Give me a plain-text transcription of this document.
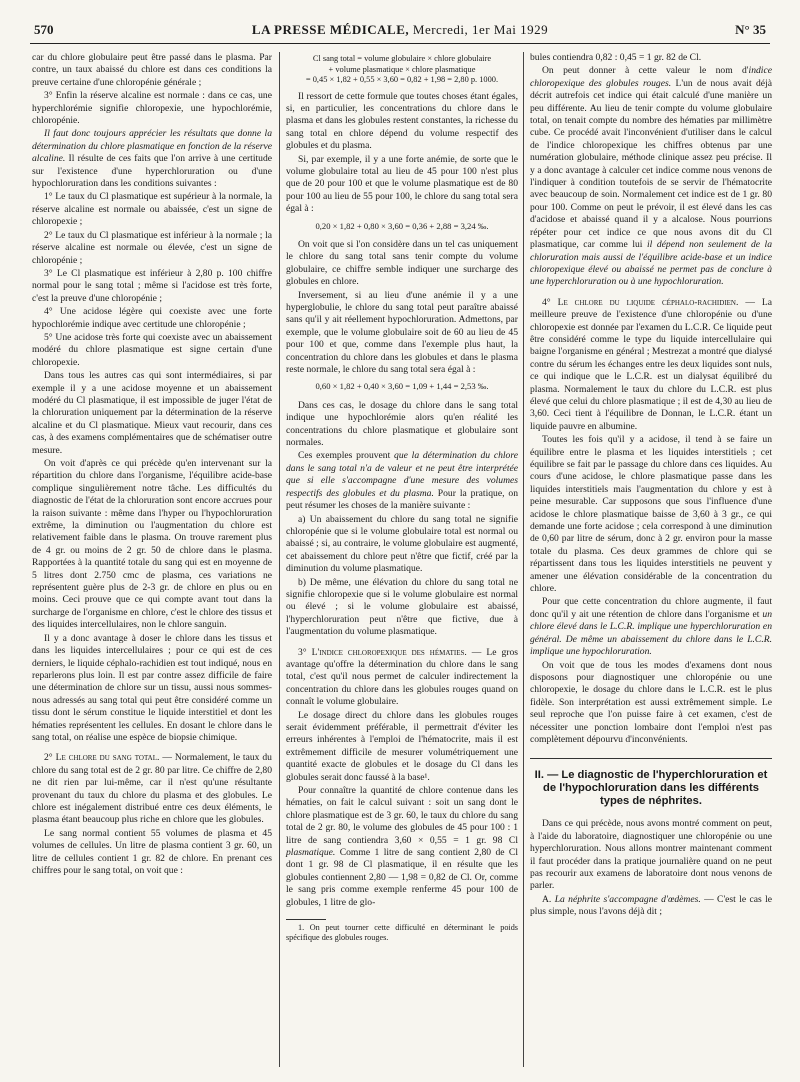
570	LA PRESSE MÉDICALE, Mercredi, 1er Mai 1929	N° 35

car du chlore globulaire peut être passé dans le plasma. Par contre, un taux abaissé du chlore est dans ces conditions la preuve certaine d'une chloropénie générale ;

3° Enfin la réserve alcaline est normale : dans ce cas, une hyperchlorémie signifie chloropexie, une hypochlorémie, chloropénie.

Il faut donc toujours apprécier les résultats que donne la détermination du chlore plasmatique en fonction de la réserve alcaline. Il résulte de ces faits que l'on arrive à une certitude sur l'existence d'une hyperchloruration ou d'une hypochloruration dans les conditions suivantes :

1° Le taux du Cl plasmatique est supérieur à la normale, la réserve alcaline est normale ou abaissée, c'est un signe de chloropexie ;

2° Le taux du Cl plasmatique est inférieur à la normale ; la réserve alcaline est normale ou élevée, c'est un signe de chloropénie ;

3° Le Cl plasmatique est inférieur à 2,80 p. 100 chiffre normal pour le sang total ; même si l'acidose est très forte, c'est la preuve d'une chloropénie ;

4° Une acidose légère qui coexiste avec une forte hypochlorémie indique avec certitude une chloropénie ;

5° Une acidose très forte qui coexiste avec un abaissement modéré du chlore plasmatique est signe certain d'une chloropexie.

Dans tous les autres cas qui sont intermédiaires, si par exemple il y a une acidose moyenne et un abaissement modéré du Cl plasmatique, il est impossible de juger l'état de la chloruration uniquement par la détermination de la réserve alcaline et du Cl plasmatique. Mieux vaut recourir, dans ces cas, à des examens complémentaires que de schématiser outre mesure.

On voit d'après ce qui précède qu'en intervenant sur la répartition du chlore dans l'organisme, l'équilibre acide-base complique singulièrement notre tâche. Les difficultés du diagnostic de l'état de la chloruration sont encore accrues pour la raison suivante : même dans l'hyper ou l'hypochloruration extrême, la diminution ou l'augmentation du chlore est relativement faible dans le plasma. On trouve rarement plus de 4 gr. ou moins de 2 gr. 50 de chlore dans le plasma. Rapportées à la quantité totale du sang qui est en moyenne de 5 litres dont 2.750 cmc de plasma, ces variations ne représentent guère plus de 2-3 gr. de chlore en plus ou en moins. Ceci prouve que ce qui compte avant tout dans la surcharge de l'organisme en chlore, c'est le chlore des tissus et des liquides intercellulaires, non le chlore sanguin.

Il y a donc avantage à doser le chlore dans les tissus et dans les liquides intercellulaires ; pour ce qui est de ces derniers, le liquide céphalo-rachidien est tout indiqué, nous en reparlerons plus loin. Il est par contre assez difficile de faire une détermination de chlore sur un tissu, aussi nous sommes-nous adressés au sang total qui peut être considéré comme un tissu dont le sérum constitue le liquide interstitiel et dont les hématies représentent les cellules. En dosant le chlore dans le sang total, on réalise une espèce de biopsie chimique.

2° Le chlore du sang total. — Normalement, le taux du chlore du sang total est de 2 gr. 80 par litre. Ce chiffre de 2,80 ne dit rien par lui-même, car il n'est qu'une résultante provenant du taux du chlore du plasma et des globules. Le chlore est inégalement distribué entre ces deux éléments, le plasma étant beaucoup plus riche en chlore que les globules.

Le sang normal contient 55 volumes de plasma et 45 volumes de cellules. Un litre de plasma contient 3 gr. 60, un litre de cellules contient 1 gr. 82 de chlore. En prenant ces chiffres pour le sang total, on voit que :

Cl sang total = volume globulaire × chlore globulaire
+ volume plasmatique × chlore plasmatique
= 0,45 × 1,82 + 0,55 × 3,60 = 0,82 + 1,98 = 2,80 p. 1000.

Il ressort de cette formule que toutes choses étant égales, si, en particulier, les concentrations du chlore dans le plasma et dans les globules restent constantes, la richesse du sang total en chlore dépend du volume respectif des globules et du plasma.

Si, par exemple, il y a une forte anémie, de sorte que le volume globulaire total au lieu de 45 pour 100 n'est plus que de 20 pour 100 et que le volume plasmatique est de 80 pour 100 au lieu de 55 pour 100, le chlore du sang total sera égal à :

0,20 × 1,82 + 0,80 × 3,60 = 0,36 + 2,88 = 3,24 ‰.

On voit que si l'on considère dans un tel cas uniquement le chlore du sang total sans tenir compte du volume globulaire, ce chiffre semble indiquer une surcharge des globules en chlore.

Inversement, si au lieu d'une anémie il y a une hyperglobulie, le chlore du sang total peut paraître abaissé sans qu'il y ait réellement hypochloruration. Admettons, par exemple, que le volume globulaire soit de 60 au lieu de 45 pour 100 et que, comme dans l'exemple plus haut, la concentration du chlore dans les globules et dans le plasma reste normale, le chlore du sang total sera égal à :

0,60 × 1,82 + 0,40 × 3,60 = 1,09 + 1,44 = 2,53 ‰.

Dans ces cas, le dosage du chlore dans le sang total indique une hypochlorémie alors qu'en réalité les concentrations du chlore plasmatique et globulaire sont normales.

Ces exemples prouvent que la détermination du chlore dans le sang total n'a de valeur et ne peut être interprétée que si elle s'accompagne d'une mesure des volumes respectifs des globules et du plasma. Pour la pratique, on peut résumer les choses de la manière suivante :

a) Un abaissement du chlore du sang total ne signifie chloropénie que si le volume globulaire total est normal ou abaissé ; si, au contraire, le volume globulaire est augmenté, cet abaissement du chlore peut n'être que fictif, créé par la diminution du volume plasmatique.

b) De même, une élévation du chlore du sang total ne signifie chloropexie que si le volume globulaire est normal ou élevé ; si le volume globulaire est abaissé, l'hyperchloruration peut n'être que fictive, due à l'augmentation du volume plasmatique.

3° L'indice chloropexique des hématies. — Le gros avantage qu'offre la détermination du chlore dans le sang total, c'est qu'il nous permet de calculer indirectement la concentration du chlore dans les globules rouges quand on connaît le volume globulaire.

Le dosage direct du chlore dans les globules rouges serait évidemment préférable, il permettrait d'éviter les erreurs inhérentes à l'emploi de l'hématocrite, mais il est extrêmement difficile de mesurer volumétriquement une quantité exacte de globules et le dosage du Cl dans les globules serait donc faussé à la base¹.

Pour connaître la quantité de chlore contenue dans les hématies, on fait le calcul suivant : soit un sang dont le chlore plasmatique est de 3 gr. 60, le taux du chlore du sang total de 2 gr. 80, le volume des globules de 45 pour 100 : 1 litre de sang contiendra 3,60 × 0,55 = 1 gr. 98 Cl plasmatique. Comme 1 litre de sang contient 2,80 de Cl dont 1 gr. 98 de Cl plasmatique, il en résulte que les globules contiennent 2,80 — 1,98 = 0,82 de Cl. Or, comme le sang pris comme exemple renferme 45 pour 100 de globules, 1 litre de glo-

1. On peut tourner cette difficulté en déterminant le poids spécifique des globules rouges.

bules contiendra 0,82 : 0,45 = 1 gr. 82 de Cl.

On peut donner à cette valeur le nom d'indice chloropexique des globules rouges. L'un de nous avait déjà décrit autrefois cet indice qui était calculé d'une manière un peu différente. Au lieu de tenir compte du volume globulaire total, on tenait compte du nombre des hématies par millimètre cube. Ce procédé avait l'inconvénient d'utiliser dans le calcul de l'indice chloropexique les chiffres obtenus par une numération globulaire, méthode clinique assez peu précise. Il y a donc avantage à calculer cet indice comme nous venons de l'indiquer à condition toutefois de se servir de l'hématocrite avec beaucoup de soin. Normalement cet indice est de 1 gr. 80 pour 100. Comme on peut le prévoir, il est élevé dans les cas d'acidose et abaissé quand il y a alcalose. Nous pourrions répéter pour cet indice ce que nous avons dit du Cl plasmatique, car comme lui il dépend non seulement de la chloruration mais aussi de l'équilibre acide-base et un indice chloropexique élevé ou abaissé ne permet pas de conclure à une hyperchloruration ou à une hypochloruration.

4° Le chlore du liquide céphalo-rachidien. — La meilleure preuve de l'existence d'une chloropénie ou d'une chloropexie est donnée par l'examen du L.C.R. Ce liquide peut être considéré comme le type du liquide intercellulaire qui baigne l'organisme en général ; Mestrezat a montré que dialysé contre du sérum les échanges entre les deux liquides sont nuls, ce qui indique que le L.C.R. est un dialysat équilibré du plasma. Normalement le taux du chlore du L.C.R. est plus élevé que celui du chlore plasmatique ; il est de 4,30 au lieu de 3,60. Ceci tient à l'équilibre de Donnan, le L.C.R. étant un liquide pauvre en albumine.

Toutes les fois qu'il y a acidose, il tend à se faire un équilibre entre le plasma et les liquides interstitiels ; cet équilibre se fait par le passage du chlore dans ces liquides. Au cours d'une acidose, le chlore plasmatique passe dans les liquides interstitiels mais l'augmentation du chlore y est à peine mesurable. Car supposons que sous l'influence d'une acidose le chlore plasmatique baisse de 3,60 à 3 gr., ce qui demande une forte acidose ; cela correspond à une diminution de 0,60 par litre de sérum, donc à 2 gr. environ pour la masse totale du plasma. Ces deux grammes de chlore qui se répartissent dans tous les liquides interstitiels ne peuvent y amener une élévation considérable de la concentration du chlore.

Pour que cette concentration du chlore augmente, il faut donc qu'il y ait une rétention de chlore dans l'organisme et un chlore élevé dans le L.C.R. implique une hyperchloruration en général. De même un abaissement du chlore dans le L.C.R. implique une hypochloruration.

On voit que de tous les modes d'examens dont nous disposons pour diagnostiquer une chloropénie ou une chloropexie, le dosage du chlore dans le L.C.R. est le plus fidèle. Son interprétation est aussi extrêmement simple. Le seul reproche que l'on puisse faire à cet examen, c'est de nécessiter une ponction lombaire dont l'emploi n'est pas complètement dépourvu d'inconvénients.

II. — Le diagnostic de l'hyperchloruration et de l'hypochloruration dans les différents types de néphrites.

Dans ce qui précède, nous avons montré comment on peut, à l'aide du laboratoire, diagnostiquer une chloropénie ou une hyperchloruration. Nous allons montrer maintenant comment il faut procéder dans la pratique journalière quand on ne peut pas recourir aux examens de laboratoire dont nous venons de parler.

A. La néphrite s'accompagne d'œdèmes. — C'est le cas le plus simple, nous l'avons déjà dit ;
